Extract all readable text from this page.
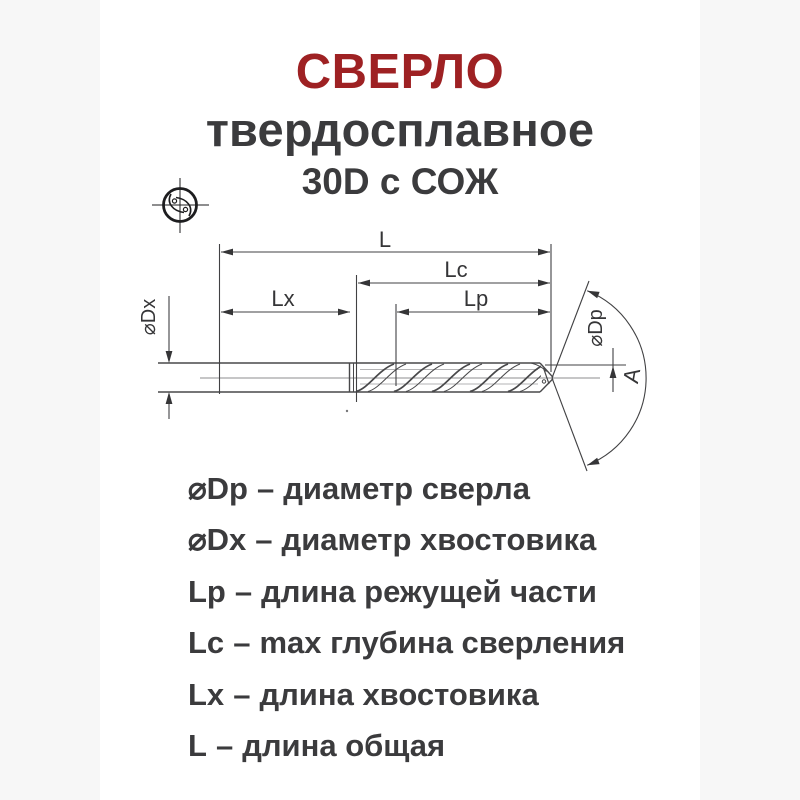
СВЕРЛО
твердосплавное
30D с СОЖ
L
Lc
Lx	Lp
⌀Dx	⌀Dp
A
⌀Dp – диаметр сверла
⌀Dx – диаметр хвостовика
Lp – длина режущей части
Lc – max глубина сверления
Lx – длина хвостовика
L – длина общая
